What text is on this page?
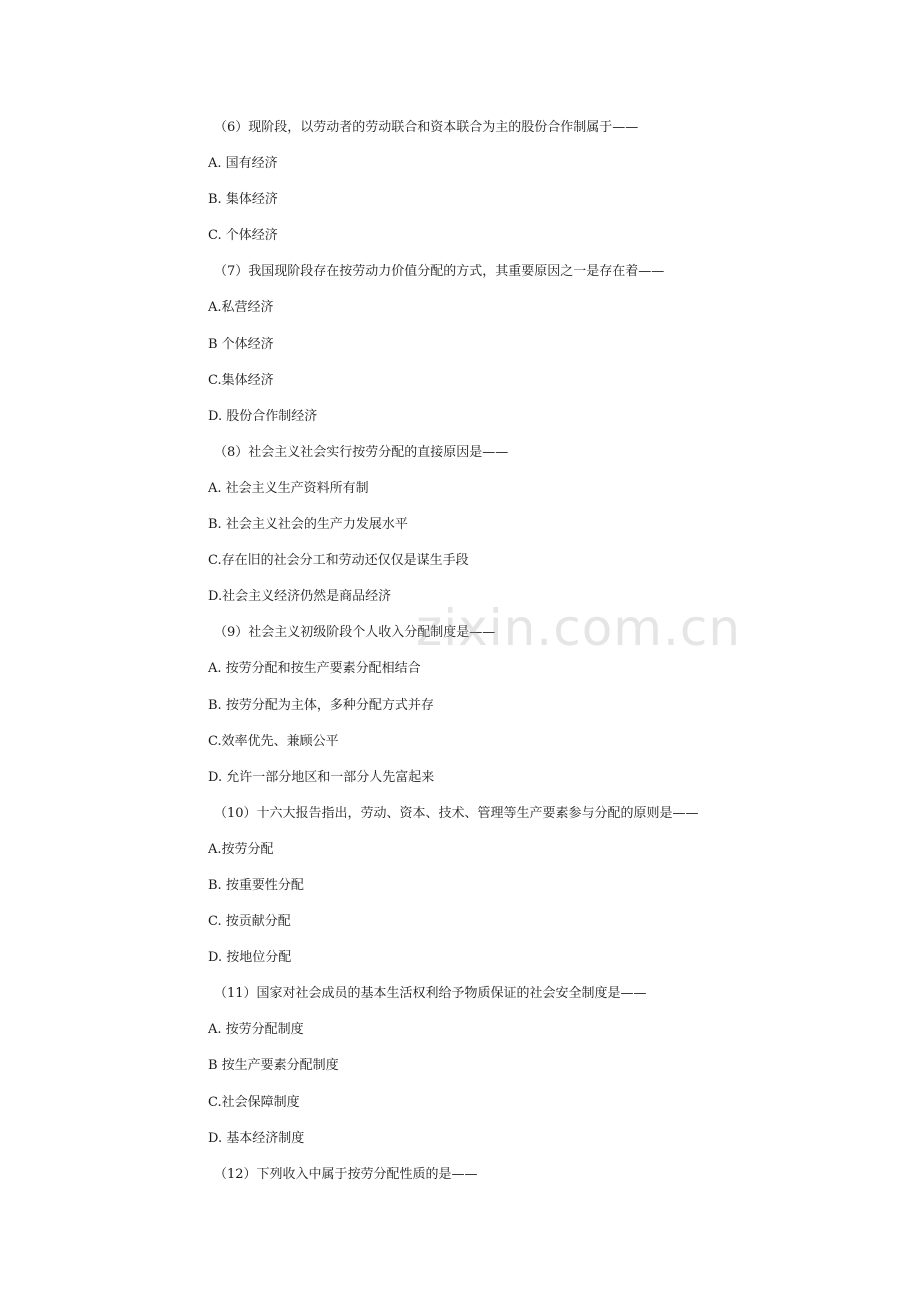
（6）现阶段，以劳动者的劳动联合和资本联合为主的股份合作制属于——
A. 国有经济
B. 集体经济
C. 个体经济
（7）我国现阶段存在按劳动力价值分配的方式，其重要原因之一是存在着——
A.私营经济
B 个体经济
C.集体经济
D. 股份合作制经济
（8）社会主义社会实行按劳分配的直接原因是——
A. 社会主义生产资料所有制
B. 社会主义社会的生产力发展水平
C.存在旧的社会分工和劳动还仅仅是谋生手段
D.社会主义经济仍然是商品经济
（9）社会主义初级阶段个人收入分配制度是——
A. 按劳分配和按生产要素分配相结合
B. 按劳分配为主体，多种分配方式并存
C.效率优先、兼顾公平
D. 允许一部分地区和一部分人先富起来
（10）十六大报告指出，劳动、资本、技术、管理等生产要素参与分配的原则是——
A.按劳分配
B. 按重要性分配
C. 按贡献分配
D. 按地位分配
（11）国家对社会成员的基本生活权利给予物质保证的社会安全制度是——
A. 按劳分配制度
B 按生产要素分配制度
C.社会保障制度
D. 基本经济制度
（12）下列收入中属于按劳分配性质的是——
zixin.com.cn
